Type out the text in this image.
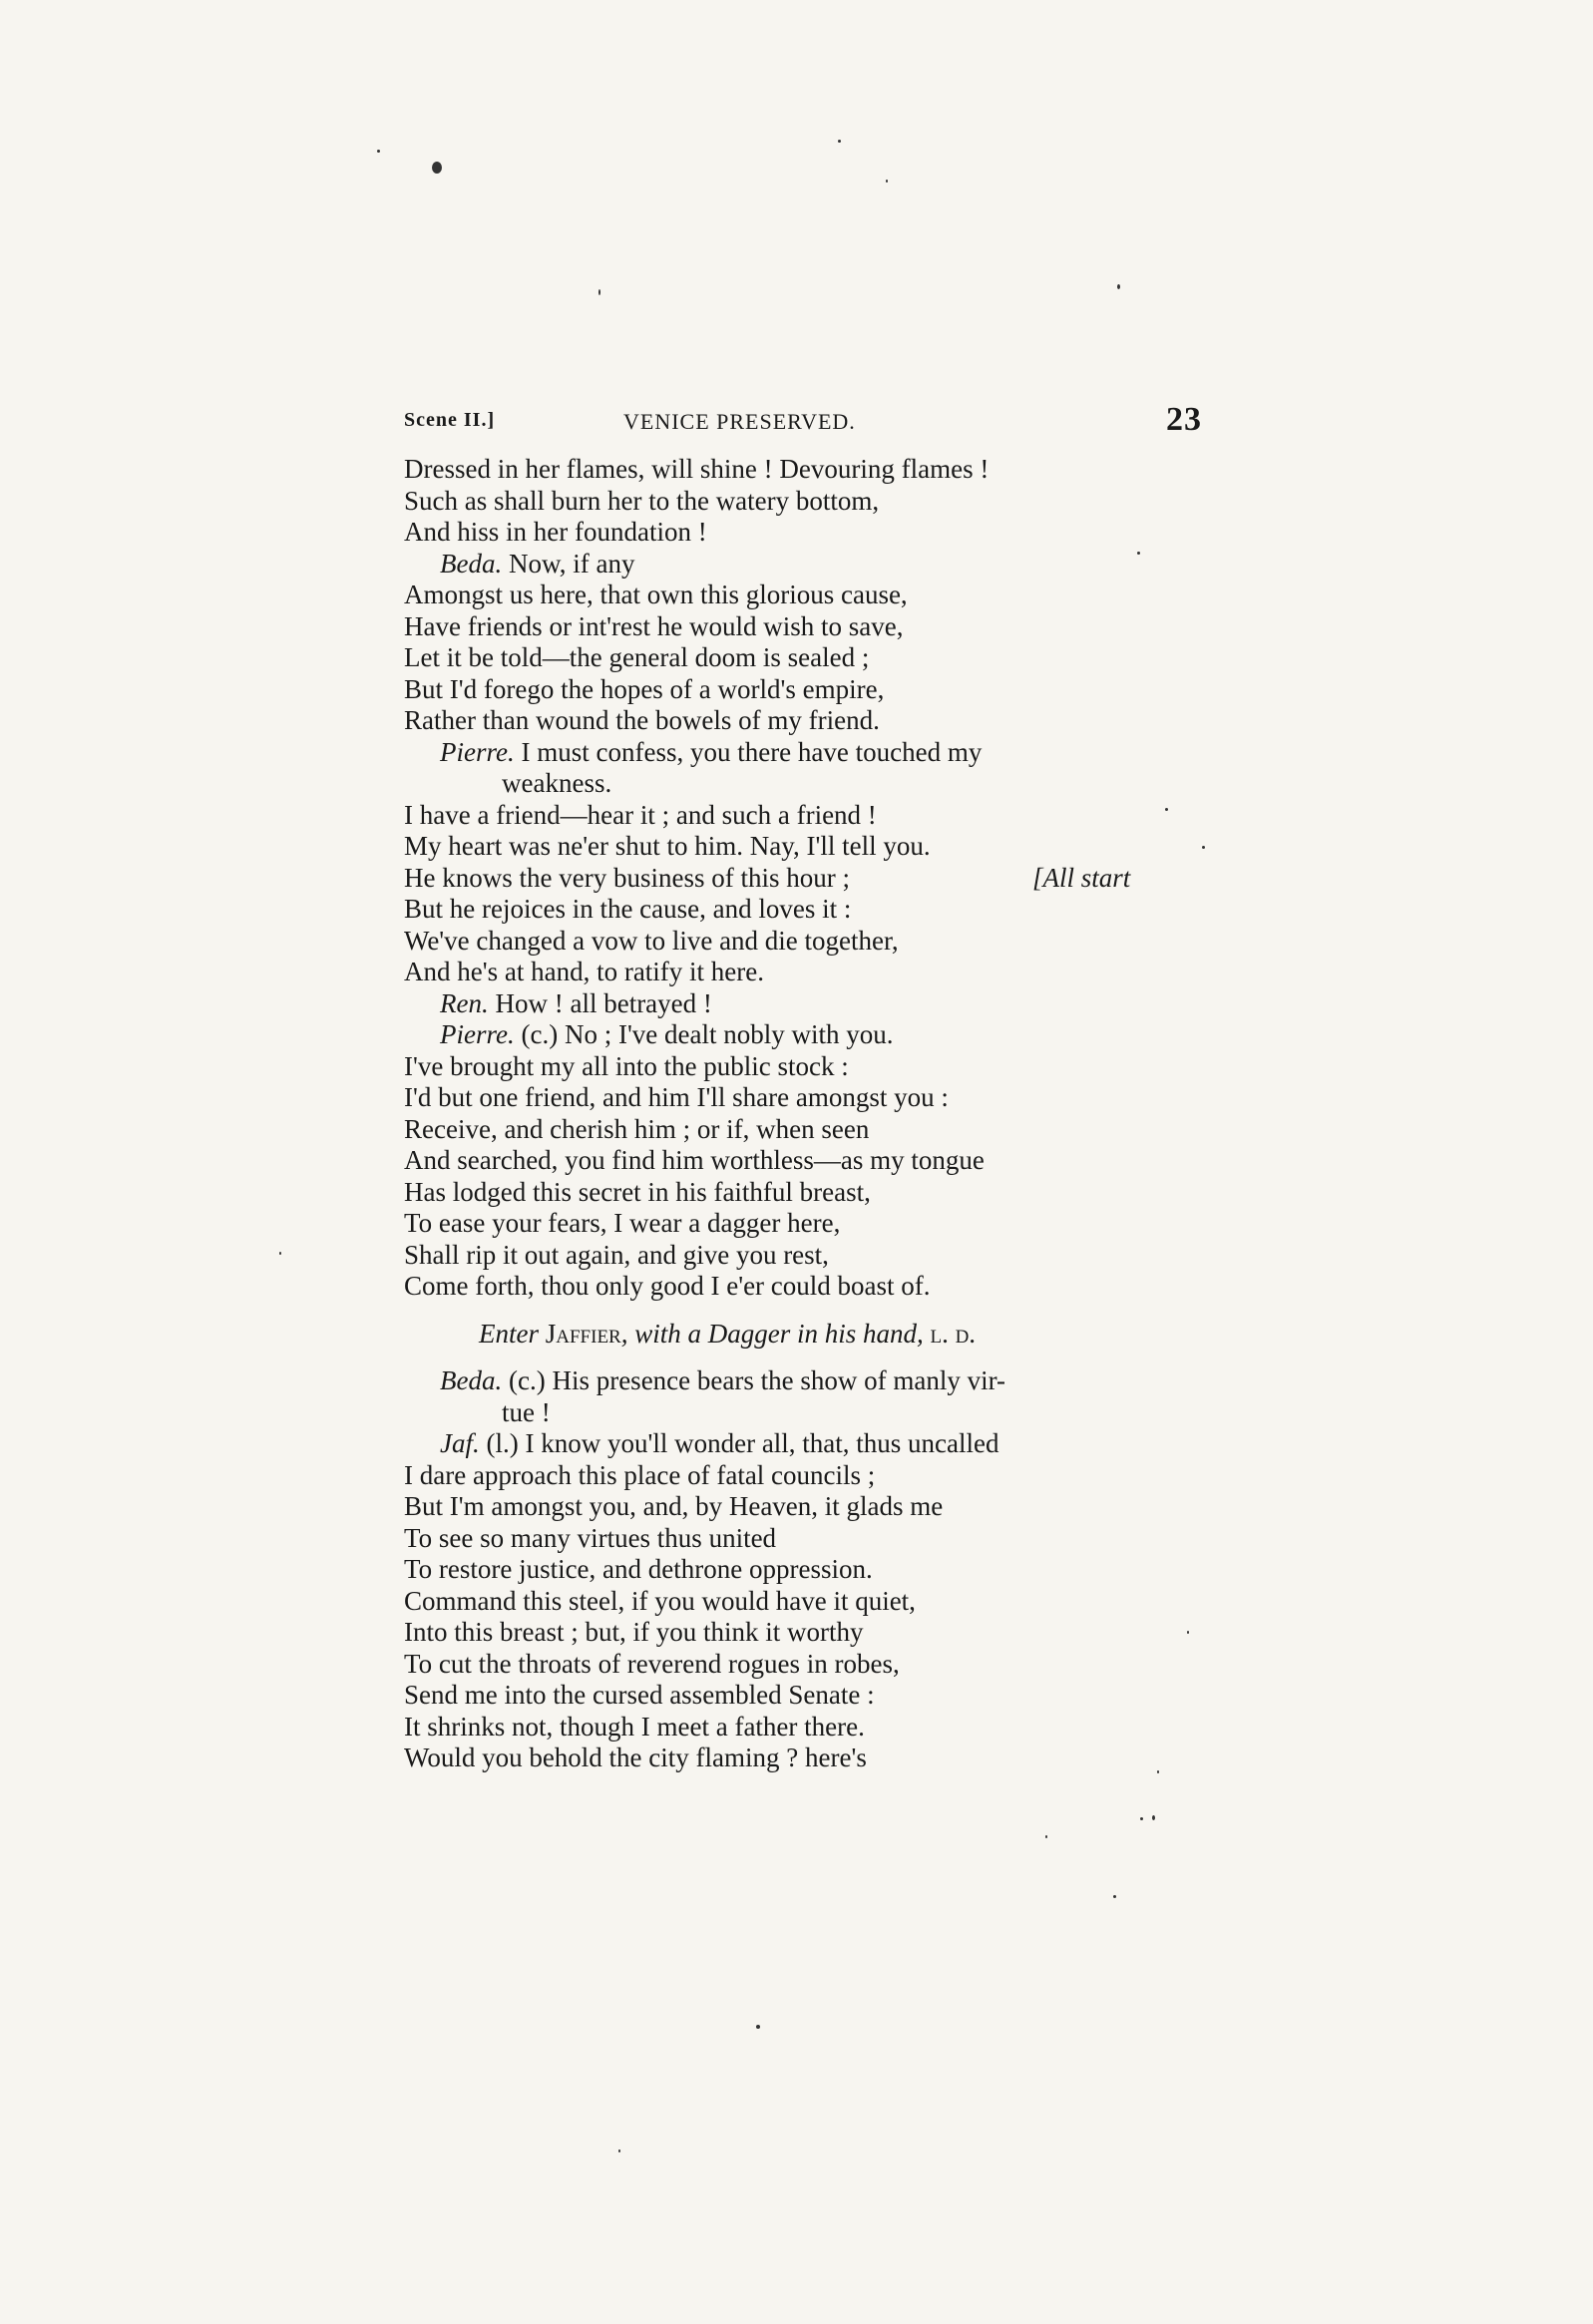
Scene II.]	VENICE PRESERVED.	23
Dressed in her flames, will shine ! Devouring flames !
Such as shall burn her to the watery bottom,
And hiss in her foundation !
Beda. Now, if any
Amongst us here, that own this glorious cause,
Have friends or int'rest he would wish to save,
Let it be told—the general doom is sealed ;
But I'd forego the hopes of a world's empire,
Rather than wound the bowels of my friend.
Pierre. I must confess, you there have touched my
weakness.
I have a friend—hear it ; and such a friend !
My heart was ne'er shut to him. Nay, I'll tell you.
He knows the very business of this hour ;	[All start
But he rejoices in the cause, and loves it :
We've changed a vow to live and die together,
And he's at hand, to ratify it here.
Ren. How ! all betrayed !
Pierre. (c.) No ; I've dealt nobly with you.
I've brought my all into the public stock :
I'd but one friend, and him I'll share amongst you :
Receive, and cherish him ; or if, when seen
And searched, you find him worthless—as my tongue
Has lodged this secret in his faithful breast,
To ease your fears, I wear a dagger here,
Shall rip it out again, and give you rest,
Come forth, thou only good I e'er could boast of.
Enter Jaffier, with a Dagger in his hand, l. d.
Beda. (c.) His presence bears the show of manly vir-
tue !
Jaf. (l.) I know you'll wonder all, that, thus uncalled
I dare approach this place of fatal councils ;
But I'm amongst you, and, by Heaven, it glads me
To see so many virtues thus united
To restore justice, and dethrone oppression.
Command this steel, if you would have it quiet,
Into this breast ; but, if you think it worthy
To cut the throats of reverend rogues in robes,
Send me into the cursed assembled Senate :
It shrinks not, though I meet a father there.
Would you behold the city flaming ? here's
